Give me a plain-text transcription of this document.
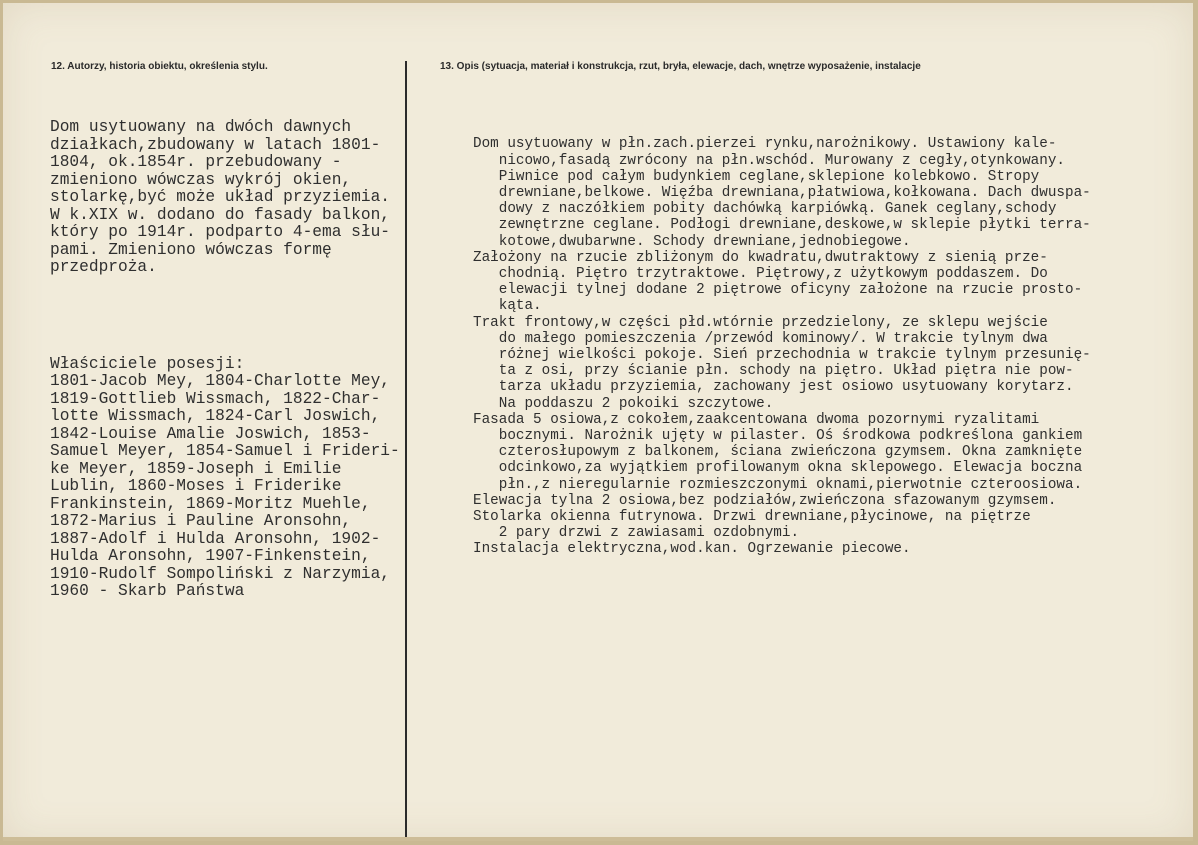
12. Autorzy, historia obiektu, określenia stylu.	13. Opis (sytuacja, materiał i konstrukcja, rzut, bryła, elewacje, dach, wnętrze wyposażenie, instalacje

Dom usytuowany na dwóch dawnych
działkach,zbudowany w latach 1801-
1804, ok.1854r. przebudowany -
zmieniono wówczas wykrój okien,
stolarkę,być może układ przyziemia.
W k.XIX w. dodano do fasady balkon,
który po 1914r. podparto 4-ema słu-
pami. Zmieniono wówczas formę
przedproża.

Właściciele posesji:
1801-Jacob Mey, 1804-Charlotte Mey,
1819-Gottlieb Wissmach, 1822-Char-
lotte Wissmach, 1824-Carl Joswich,
1842-Louise Amalie Joswich, 1853-
Samuel Meyer, 1854-Samuel i Frideri-
ke Meyer, 1859-Joseph i Emilie
Lublin, 1860-Moses i Friderike
Frankinstein, 1869-Moritz Muehle,
1872-Marius i Pauline Aronsohn,
1887-Adolf i Hulda Aronsohn, 1902-
Hulda Aronsohn, 1907-Finkenstein,
1910-Rudolf Sompoliński z Narzymia,
1960 - Skarb Państwa

Dom usytuowany w płn.zach.pierzei rynku,narożnikowy. Ustawiony kale-
nicowo,fasadą zwrócony na płn.wschód. Murowany z cegły,otynkowany.
Piwnice pod całym budynkiem ceglane,sklepione kolebkowo. Stropy
drewniane,belkowe. Więźba drewniana,płatwiowa,kołkowana. Dach dwuspa-
dowy z naczółkiem pobity dachówką karpiówką. Ganek ceglany,schody
zewnętrzne ceglane. Podłogi drewniane,deskowe,w sklepie płytki terra-
kotowe,dwubarwne. Schody drewniane,jednobiegowe.
Założony na rzucie zbliżonym do kwadratu,dwutraktowy z sienią prze-
chodnią. Piętro trzytraktowe. Piętrowy,z użytkowym poddaszem. Do
elewacji tylnej dodane 2 piętrowe oficyny założone na rzucie prosto-
kąta.
Trakt frontowy,w części płd.wtórnie przedzielony, ze sklepu wejście
do małego pomieszczenia /przewód kominowy/. W trakcie tylnym dwa
różnej wielkości pokoje. Sień przechodnia w trakcie tylnym przesunię-
ta z osi, przy ścianie płn. schody na piętro. Układ piętra nie pow-
tarza układu przyziemia, zachowany jest osiowo usytuowany korytarz.
Na poddaszu 2 pokoiki szczytowe.
Fasada 5 osiowa,z cokołem,zaakcentowana dwoma pozornymi ryzalitami
bocznymi. Narożnik ujęty w pilaster. Oś środkowa podkreślona gankiem
czterosłupowym z balkonem, ściana zwieńczona gzymsem. Okna zamknięte
odcinkowo,za wyjątkiem profilowanym okna sklepowego. Elewacja boczna
płn.,z nieregularnie rozmieszczonymi oknami,pierwotnie czteroosiowa.
Elewacja tylna 2 osiowa,bez podziałów,zwieńczona sfazowanym gzymsem.
Stolarka okienna futrynowa. Drzwi drewniane,płycinowe, na piętrze
2 pary drzwi z zawiasami ozdobnymi.
Instalacja elektryczna,wod.kan. Ogrzewanie piecowe.
